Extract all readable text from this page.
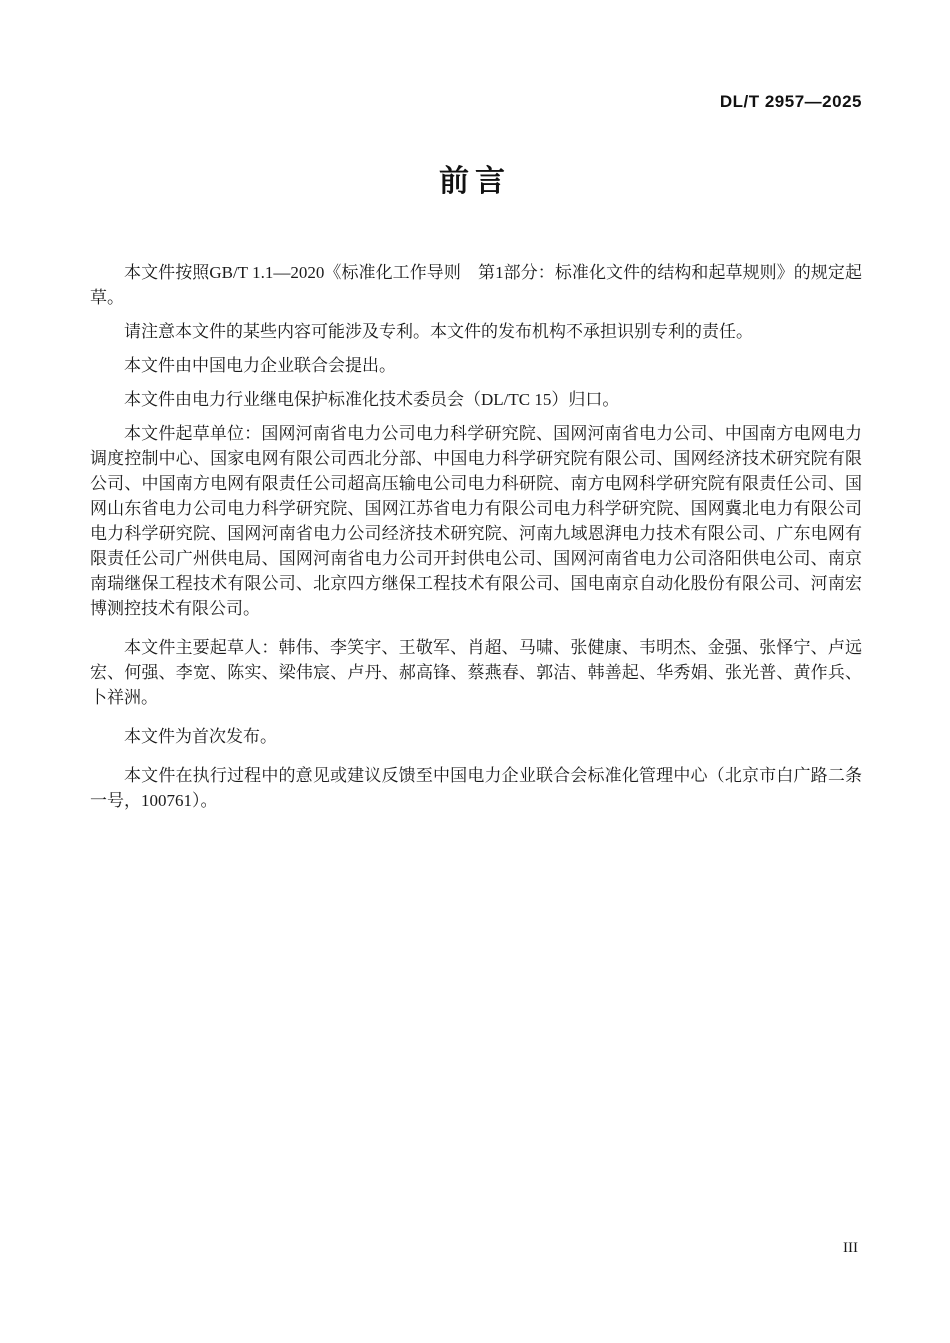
DL/T 2957—2025
前言

本文件按照GB/T 1.1—2020《标准化工作导则　第1部分：标准化文件的结构和起草规则》的规定起草。

请注意本文件的某些内容可能涉及专利。本文件的发布机构不承担识别专利的责任。

本文件由中国电力企业联合会提出。

本文件由电力行业继电保护标准化技术委员会（DL/TC 15）归口。

本文件起草单位：国网河南省电力公司电力科学研究院、国网河南省电力公司、中国南方电网电力调度控制中心、国家电网有限公司西北分部、中国电力科学研究院有限公司、国网经济技术研究院有限公司、中国南方电网有限责任公司超高压输电公司电力科研院、南方电网科学研究院有限责任公司、国网山东省电力公司电力科学研究院、国网江苏省电力有限公司电力科学研究院、国网冀北电力有限公司电力科学研究院、国网河南省电力公司经济技术研究院、河南九域恩湃电力技术有限公司、广东电网有限责任公司广州供电局、国网河南省电力公司开封供电公司、国网河南省电力公司洛阳供电公司、南京南瑞继保工程技术有限公司、北京四方继保工程技术有限公司、国电南京自动化股份有限公司、河南宏博测控技术有限公司。

本文件主要起草人：韩伟、李笑宇、王敬军、肖超、马啸、张健康、韦明杰、金强、张怿宁、卢远宏、何强、李宽、陈实、梁伟宸、卢丹、郝高锋、蔡燕春、郭洁、韩善起、华秀娟、张光普、黄作兵、卜祥洲。

本文件为首次发布。

本文件在执行过程中的意见或建议反馈至中国电力企业联合会标准化管理中心（北京市白广路二条一号，100761）。

III
